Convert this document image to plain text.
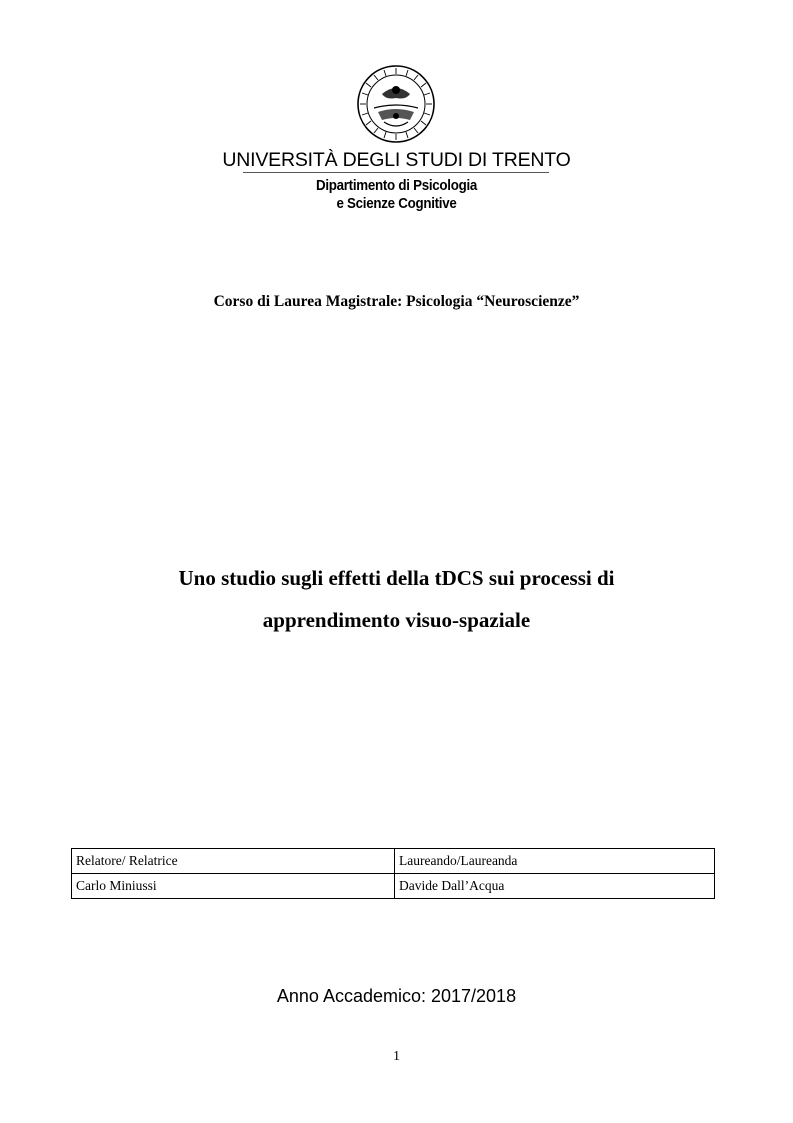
UNIVERSITÀ DEGLI STUDI DI TRENTO
Dipartimento di Psicologia
e Scienze Cognitive
Corso di Laurea Magistrale: Psicologia “Neuroscienze”
Uno studio sugli effetti della tDCS sui processi di
apprendimento visuo-spaziale
Relatore/ Relatrice	Laureando/Laureanda
Carlo Miniussi	Davide Dall’Acqua
Anno Accademico: 2017/2018
1
